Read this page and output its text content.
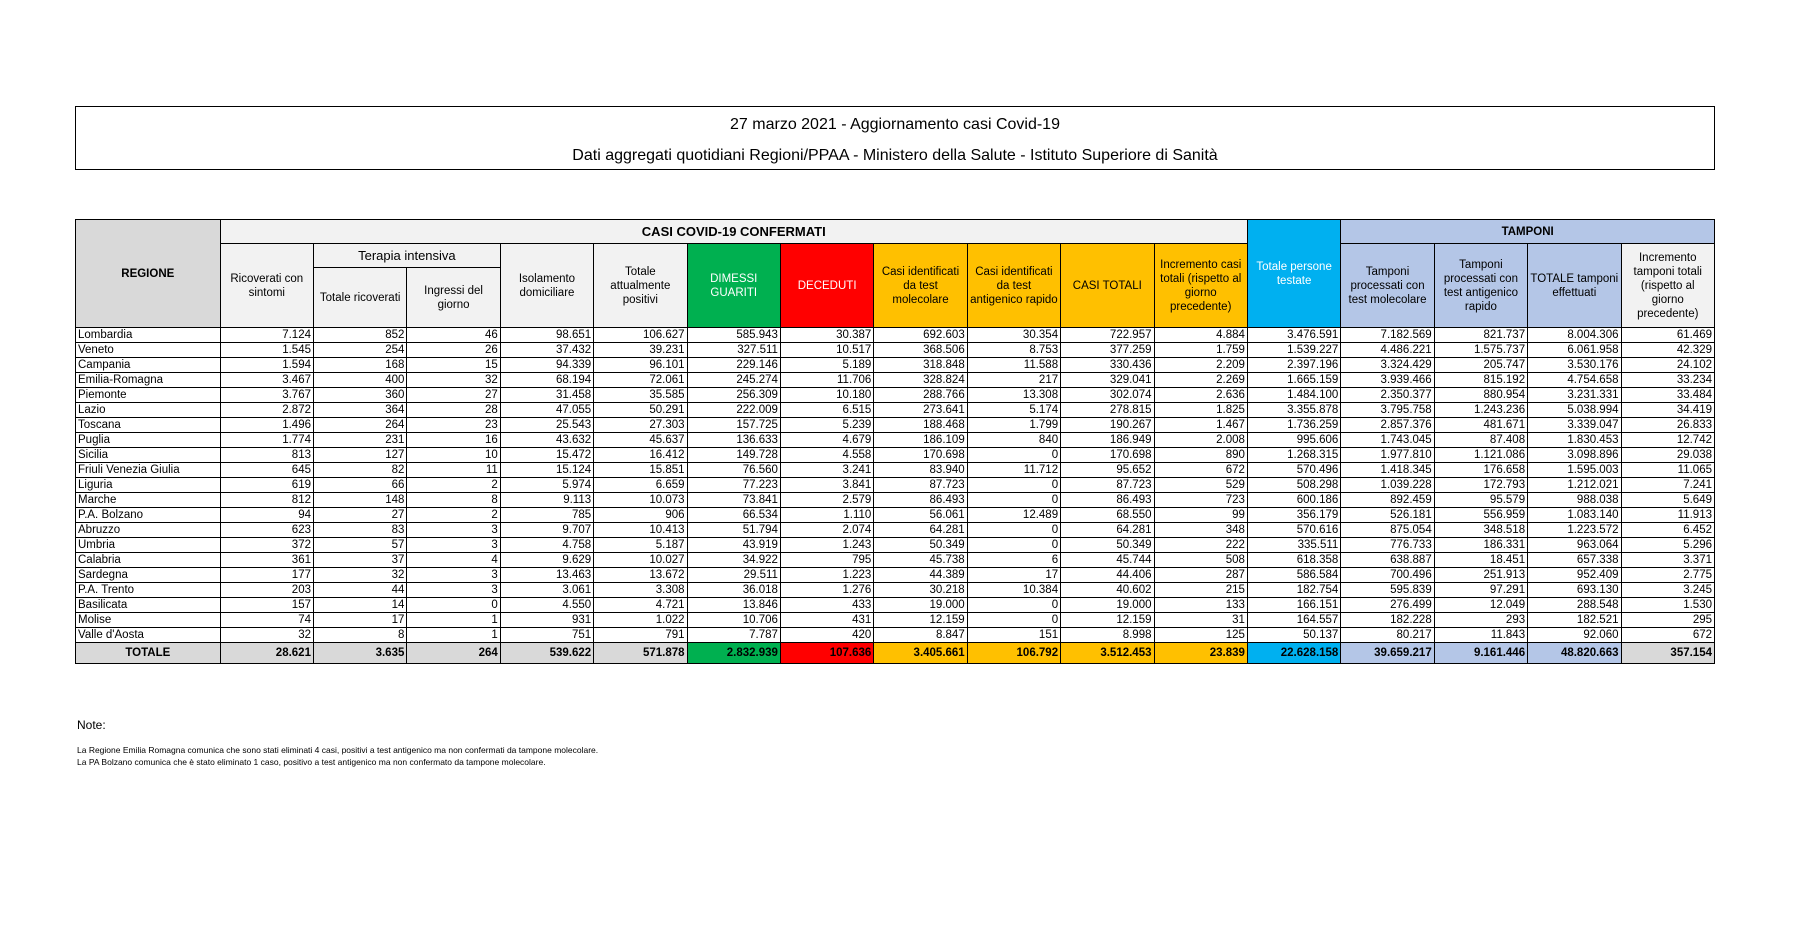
27 marzo 2021 - Aggiornamento casi Covid-19
Dati aggregati quotidiani Regioni/PPAA - Ministero della Salute - Istituto Superiore di Sanità
REGIONE	CASI COVID-19 CONFERMATI											Totale persone testate	TAMPONI			
	Ricoverati con sintomi	Terapia intensiva		Isolamento domiciliare	Totale attualmente positivi	DIMESSI GUARITI	DECEDUTI	Casi identificati da test molecolare	Casi identificati da test antigenico rapido	CASI TOTALI	Incremento casi totali (rispetto al giorno precedente)		Tamponi processati con test molecolare	Tamponi processati con test antigenico rapido	TOTALE tamponi effettuati	Incremento tamponi totali (rispetto al giorno precedente)
		Totale ricoverati	Ingressi del giorno													
Lombardia	7.124	852	46	98.651	106.627	585.943	30.387	692.603	30.354	722.957	4.884	3.476.591	7.182.569	821.737	8.004.306	61.469
Veneto	1.545	254	26	37.432	39.231	327.511	10.517	368.506	8.753	377.259	1.759	1.539.227	4.486.221	1.575.737	6.061.958	42.329
Campania	1.594	168	15	94.339	96.101	229.146	5.189	318.848	11.588	330.436	2.209	2.397.196	3.324.429	205.747	3.530.176	24.102
Emilia-Romagna	3.467	400	32	68.194	72.061	245.274	11.706	328.824	217	329.041	2.269	1.665.159	3.939.466	815.192	4.754.658	33.234
Piemonte	3.767	360	27	31.458	35.585	256.309	10.180	288.766	13.308	302.074	2.636	1.484.100	2.350.377	880.954	3.231.331	33.484
Lazio	2.872	364	28	47.055	50.291	222.009	6.515	273.641	5.174	278.815	1.825	3.355.878	3.795.758	1.243.236	5.038.994	34.419
Toscana	1.496	264	23	25.543	27.303	157.725	5.239	188.468	1.799	190.267	1.467	1.736.259	2.857.376	481.671	3.339.047	26.833
Puglia	1.774	231	16	43.632	45.637	136.633	4.679	186.109	840	186.949	2.008	995.606	1.743.045	87.408	1.830.453	12.742
Sicilia	813	127	10	15.472	16.412	149.728	4.558	170.698	0	170.698	890	1.268.315	1.977.810	1.121.086	3.098.896	29.038
Friuli Venezia Giulia	645	82	11	15.124	15.851	76.560	3.241	83.940	11.712	95.652	672	570.496	1.418.345	176.658	1.595.003	11.065
Liguria	619	66	2	5.974	6.659	77.223	3.841	87.723	0	87.723	529	508.298	1.039.228	172.793	1.212.021	7.241
Marche	812	148	8	9.113	10.073	73.841	2.579	86.493	0	86.493	723	600.186	892.459	95.579	988.038	5.649
P.A. Bolzano	94	27	2	785	906	66.534	1.110	56.061	12.489	68.550	99	356.179	526.181	556.959	1.083.140	11.913
Abruzzo	623	83	3	9.707	10.413	51.794	2.074	64.281	0	64.281	348	570.616	875.054	348.518	1.223.572	6.452
Umbria	372	57	3	4.758	5.187	43.919	1.243	50.349	0	50.349	222	335.511	776.733	186.331	963.064	5.296
Calabria	361	37	4	9.629	10.027	34.922	795	45.738	6	45.744	508	618.358	638.887	18.451	657.338	3.371
Sardegna	177	32	3	13.463	13.672	29.511	1.223	44.389	17	44.406	287	586.584	700.496	251.913	952.409	2.775
P.A. Trento	203	44	3	3.061	3.308	36.018	1.276	30.218	10.384	40.602	215	182.754	595.839	97.291	693.130	3.245
Basilicata	157	14	0	4.550	4.721	13.846	433	19.000	0	19.000	133	166.151	276.499	12.049	288.548	1.530
Molise	74	17	1	931	1.022	10.706	431	12.159	0	12.159	31	164.557	182.228	293	182.521	295
Valle d'Aosta	32	8	1	751	791	7.787	420	8.847	151	8.998	125	50.137	80.217	11.843	92.060	672
TOTALE	28.621	3.635	264	539.622	571.878	2.832.939	107.636	3.405.661	106.792	3.512.453	23.839	22.628.158	39.659.217	9.161.446	48.820.663	357.154
Note:
La Regione Emilia Romagna comunica che sono stati eliminati 4 casi, positivi a test antigenico ma non confermati da tampone molecolare.
La PA Bolzano comunica che è stato eliminato 1 caso, positivo a test antigenico ma non confermato da tampone molecolare.
